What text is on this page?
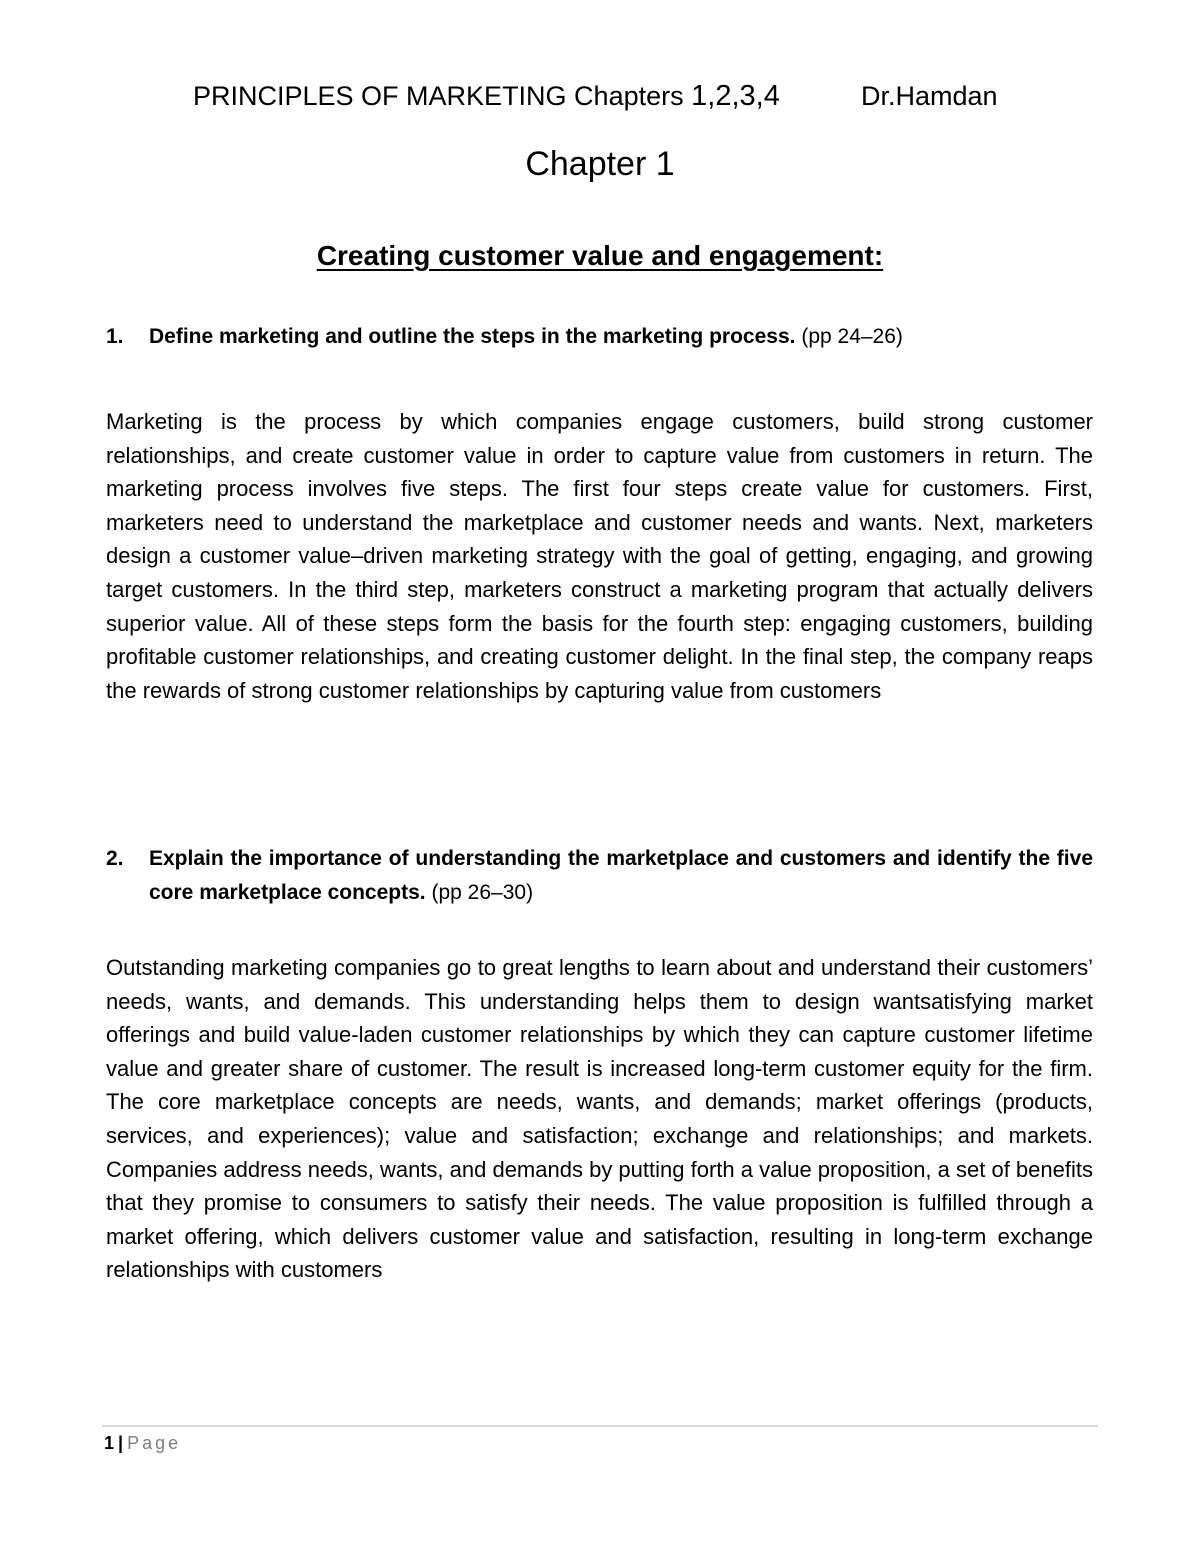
PRINCIPLES OF MARKETING Chapters 1,2,3,4	Dr.Hamdan
Chapter 1
Creating customer value and engagement:
1. Define marketing and outline the steps in the marketing process. (pp 24–26)
Marketing is the process by which companies engage customers, build strong customer relationships, and create customer value in order to capture value from customers in return. The marketing process involves five steps. The first four steps create value for customers. First, marketers need to understand the marketplace and customer needs and wants. Next, marketers design a customer value–driven marketing strategy with the goal of getting, engaging, and growing target customers. In the third step, marketers construct a marketing program that actually delivers superior value. All of these steps form the basis for the fourth step: engaging customers, building profitable customer relationships, and creating customer delight. In the final step, the company reaps the rewards of strong customer relationships by capturing value from customers
2. Explain the importance of understanding the marketplace and customers and identify the five core marketplace concepts. (pp 26–30)
Outstanding marketing companies go to great lengths to learn about and understand their customers’ needs, wants, and demands. This understanding helps them to design wantsatisfying market offerings and build value-laden customer relationships by which they can capture customer lifetime value and greater share of customer. The result is increased long-term customer equity for the firm. The core marketplace concepts are needs, wants, and demands; market offerings (products, services, and experiences); value and satisfaction; exchange and relationships; and markets. Companies address needs, wants, and demands by putting forth a value proposition, a set of benefits that they promise to consumers to satisfy their needs. The value proposition is fulfilled through a market offering, which delivers customer value and satisfaction, resulting in long-term exchange relationships with customers
1 | Page
